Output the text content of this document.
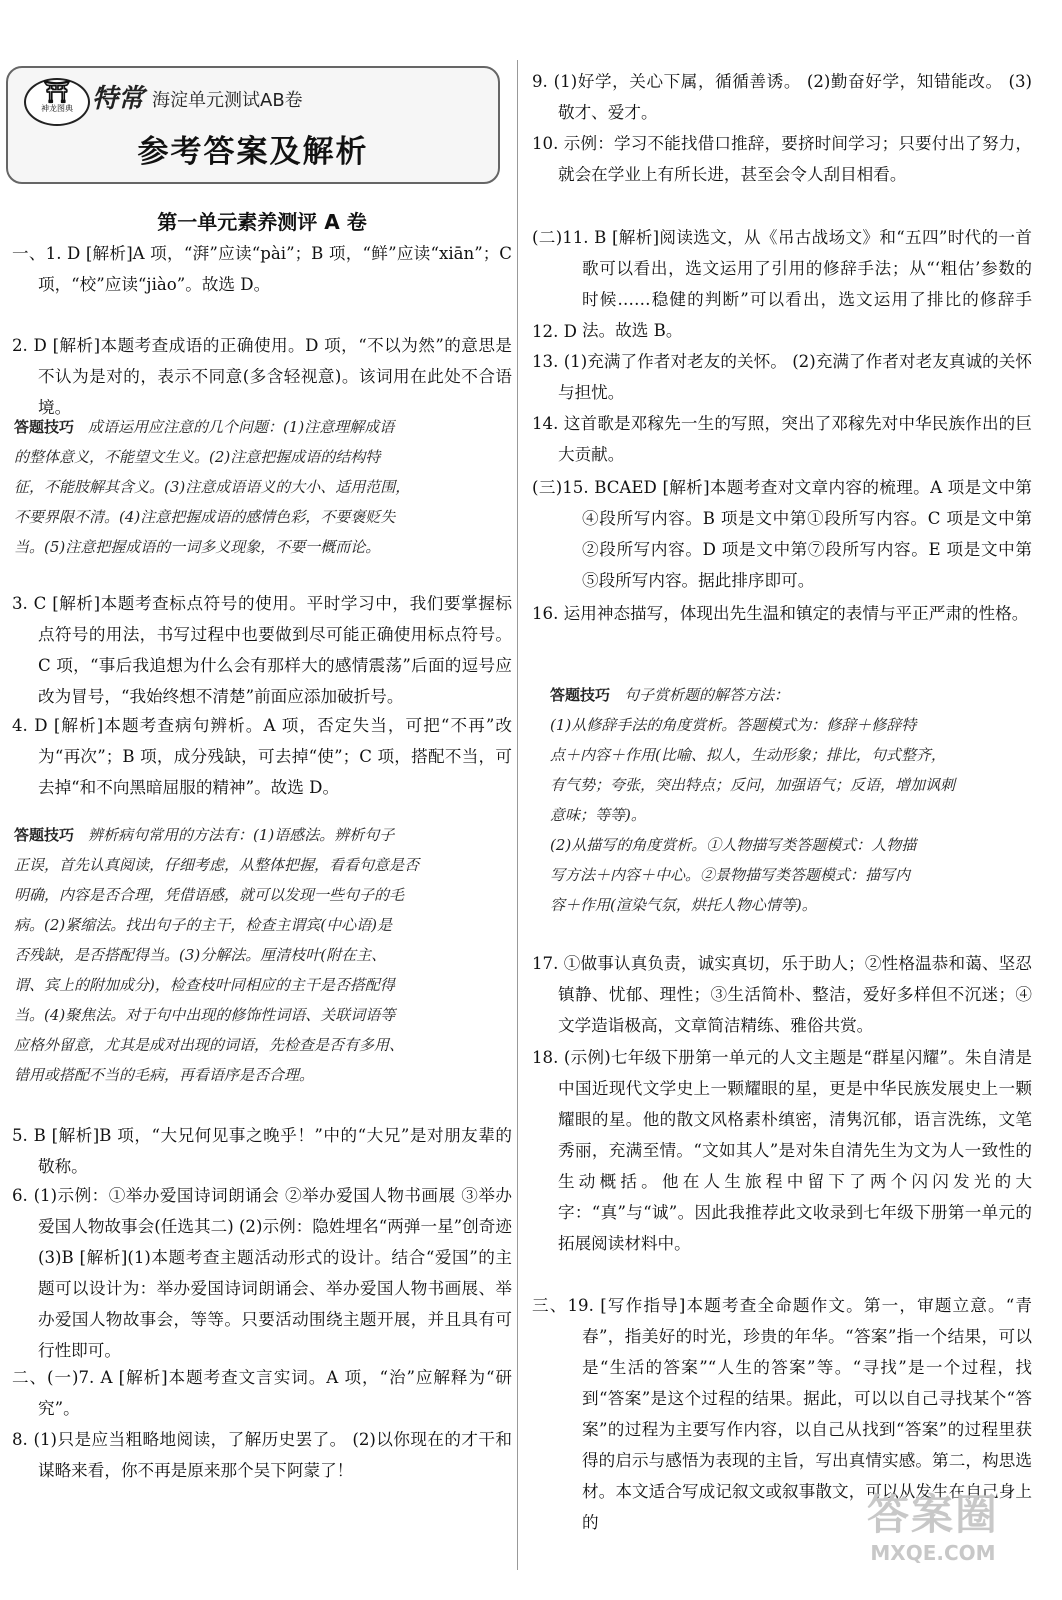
⛩
神龙图典 特常 海淀单元测试AB卷
参考答案及解析
第一单元素养测评 A 卷
一、1. D [解析]A 项，“湃”应读“pài”；B 项，“鲜”应读“xiān”；C 项，“校”应读“jiào”。故选 D。
2. D [解析]本题考查成语的正确使用。D 项，“不以为然”的意思是不认为是对的，表示不同意(多含轻视意)。该词用在此处不合语境。
答题技巧 成语运用应注意的几个问题：(1)注意理解成语
的整体意义，不能望文生义。(2)注意把握成语的结构特
征，不能肢解其含义。(3)注意成语语义的大小、适用范围，
不要界限不清。(4)注意把握成语的感情色彩，不要褒贬失
当。(5)注意把握成语的一词多义现象，不要一概而论。
3. C [解析]本题考查标点符号的使用。平时学习中，我们要掌握标点符号的用法，书写过程中也要做到尽可能正确使用标点符号。C 项，“事后我追想为什么会有那样大的感情震荡”后面的逗号应改为冒号，“我始终想不清楚”前面应添加破折号。
4. D [解析]本题考查病句辨析。A 项，否定失当，可把“不再”改为“再次”；B 项，成分残缺，可去掉“使”；C 项，搭配不当，可去掉“和不向黑暗屈服的精神”。故选 D。
答题技巧 辨析病句常用的方法有：(1)语感法。辨析句子
正误，首先认真阅读，仔细考虑，从整体把握，看看句意是否
明确，内容是否合理，凭借语感，就可以发现一些句子的毛
病。(2)紧缩法。找出句子的主干，检查主谓宾(中心语)是
否残缺，是否搭配得当。(3)分解法。厘清枝叶(附在主、
谓、宾上的附加成分)，检查枝叶同相应的主干是否搭配得
当。(4)聚焦法。对于句中出现的修饰性词语、关联词语等
应格外留意，尤其是成对出现的词语，先检查是否有多用、
错用或搭配不当的毛病，再看语序是否合理。
5. B [解析]B 项，“大兄何见事之晚乎！”中的“大兄”是对朋友辈的敬称。
6. (1)示例：①举办爱国诗词朗诵会 ②举办爱国人物书画展 ③举办爱国人物故事会(任选其二) (2)示例：隐姓埋名“两弹一星”创奇迹 (3)B [解析](1)本题考查主题活动形式的设计。结合“爱国”的主题可以设计为：举办爱国诗词朗诵会、举办爱国人物书画展、举办爱国人物故事会，等等。只要活动围绕主题开展，并且具有可行性即可。
二、(一)7. A [解析]本题考查文言实词。A 项，“治”应解释为“研究”。
8. (1)只是应当粗略地阅读，了解历史罢了。 (2)以你现在的才干和谋略来看，你不再是原来那个吴下阿蒙了！
9. (1)好学，关心下属，循循善诱。 (2)勤奋好学，知错能改。 (3)敬才、爱才。
10. 示例：学习不能找借口推辞，要挤时间学习；只要付出了努力，就会在学业上有所长进，甚至会令人刮目相看。
(二)11. B [解析]阅读选文，从《吊古战场文》和“五四”时代的一首歌可以看出，选文运用了引用的修辞手法；从“‘粗估’参数的时候……稳健的判断”可以看出，选文运用了排比的修辞手法。故选 B。
12. D
13. (1)充满了作者对老友的关怀。 (2)充满了作者对老友真诚的关怀与担忧。
14. 这首歌是邓稼先一生的写照，突出了邓稼先对中华民族作出的巨大贡献。
(三)15. BCAED [解析]本题考查对文章内容的梳理。A 项是文中第④段所写内容。B 项是文中第①段所写内容。C 项是文中第②段所写内容。D 项是文中第⑦段所写内容。E 项是文中第⑤段所写内容。据此排序即可。
16. 运用神态描写，体现出先生温和镇定的表情与平正严肃的性格。
答题技巧 句子赏析题的解答方法：
(1)从修辞手法的角度赏析。答题模式为：修辞＋修辞特
点＋内容＋作用(比喻、拟人，生动形象；排比，句式整齐，
有气势；夸张，突出特点；反问，加强语气；反语，增加讽刺
意味；等等)。
(2)从描写的角度赏析。①人物描写类答题模式：人物描
写方法＋内容＋中心。②景物描写类答题模式：描写内
容＋作用(渲染气氛，烘托人物心情等)。
17. ①做事认真负责，诚实真切，乐于助人；②性格温恭和蔼、坚忍镇静、忧郁、理性；③生活简朴、整洁，爱好多样但不沉迷；④文学造诣极高，文章简洁精练、雅俗共赏。
18. (示例)七年级下册第一单元的人文主题是“群星闪耀”。朱自清是中国近现代文学史上一颗耀眼的星，更是中华民族发展史上一颗耀眼的星。他的散文风格素朴缜密，清隽沉郁，语言洗练，文笔秀丽，充满至情。“文如其人”是对朱自清先生为文为人一致性的生动概括。他在人生旅程中留下了两个闪闪发光的大字：“真”与“诚”。因此我推荐此文收录到七年级下册第一单元的拓展阅读材料中。
三、19. [写作指导]本题考查全命题作文。第一，审题立意。“青春”，指美好的时光，珍贵的年华。“答案”指一个结果，可以是“生活的答案”“人生的答案”等。“寻找”是一个过程，找到“答案”是这个过程的结果。据此，可以以自己寻找某个“答案”的过程为主要写作内容，以自己从找到“答案”的过程里获得的启示与感悟为表现的主旨，写出真情实感。第二，构思选材。本文适合写成记叙文或叙事散文，可以从发生在自己身上的	答案圈
MXQE.COM
